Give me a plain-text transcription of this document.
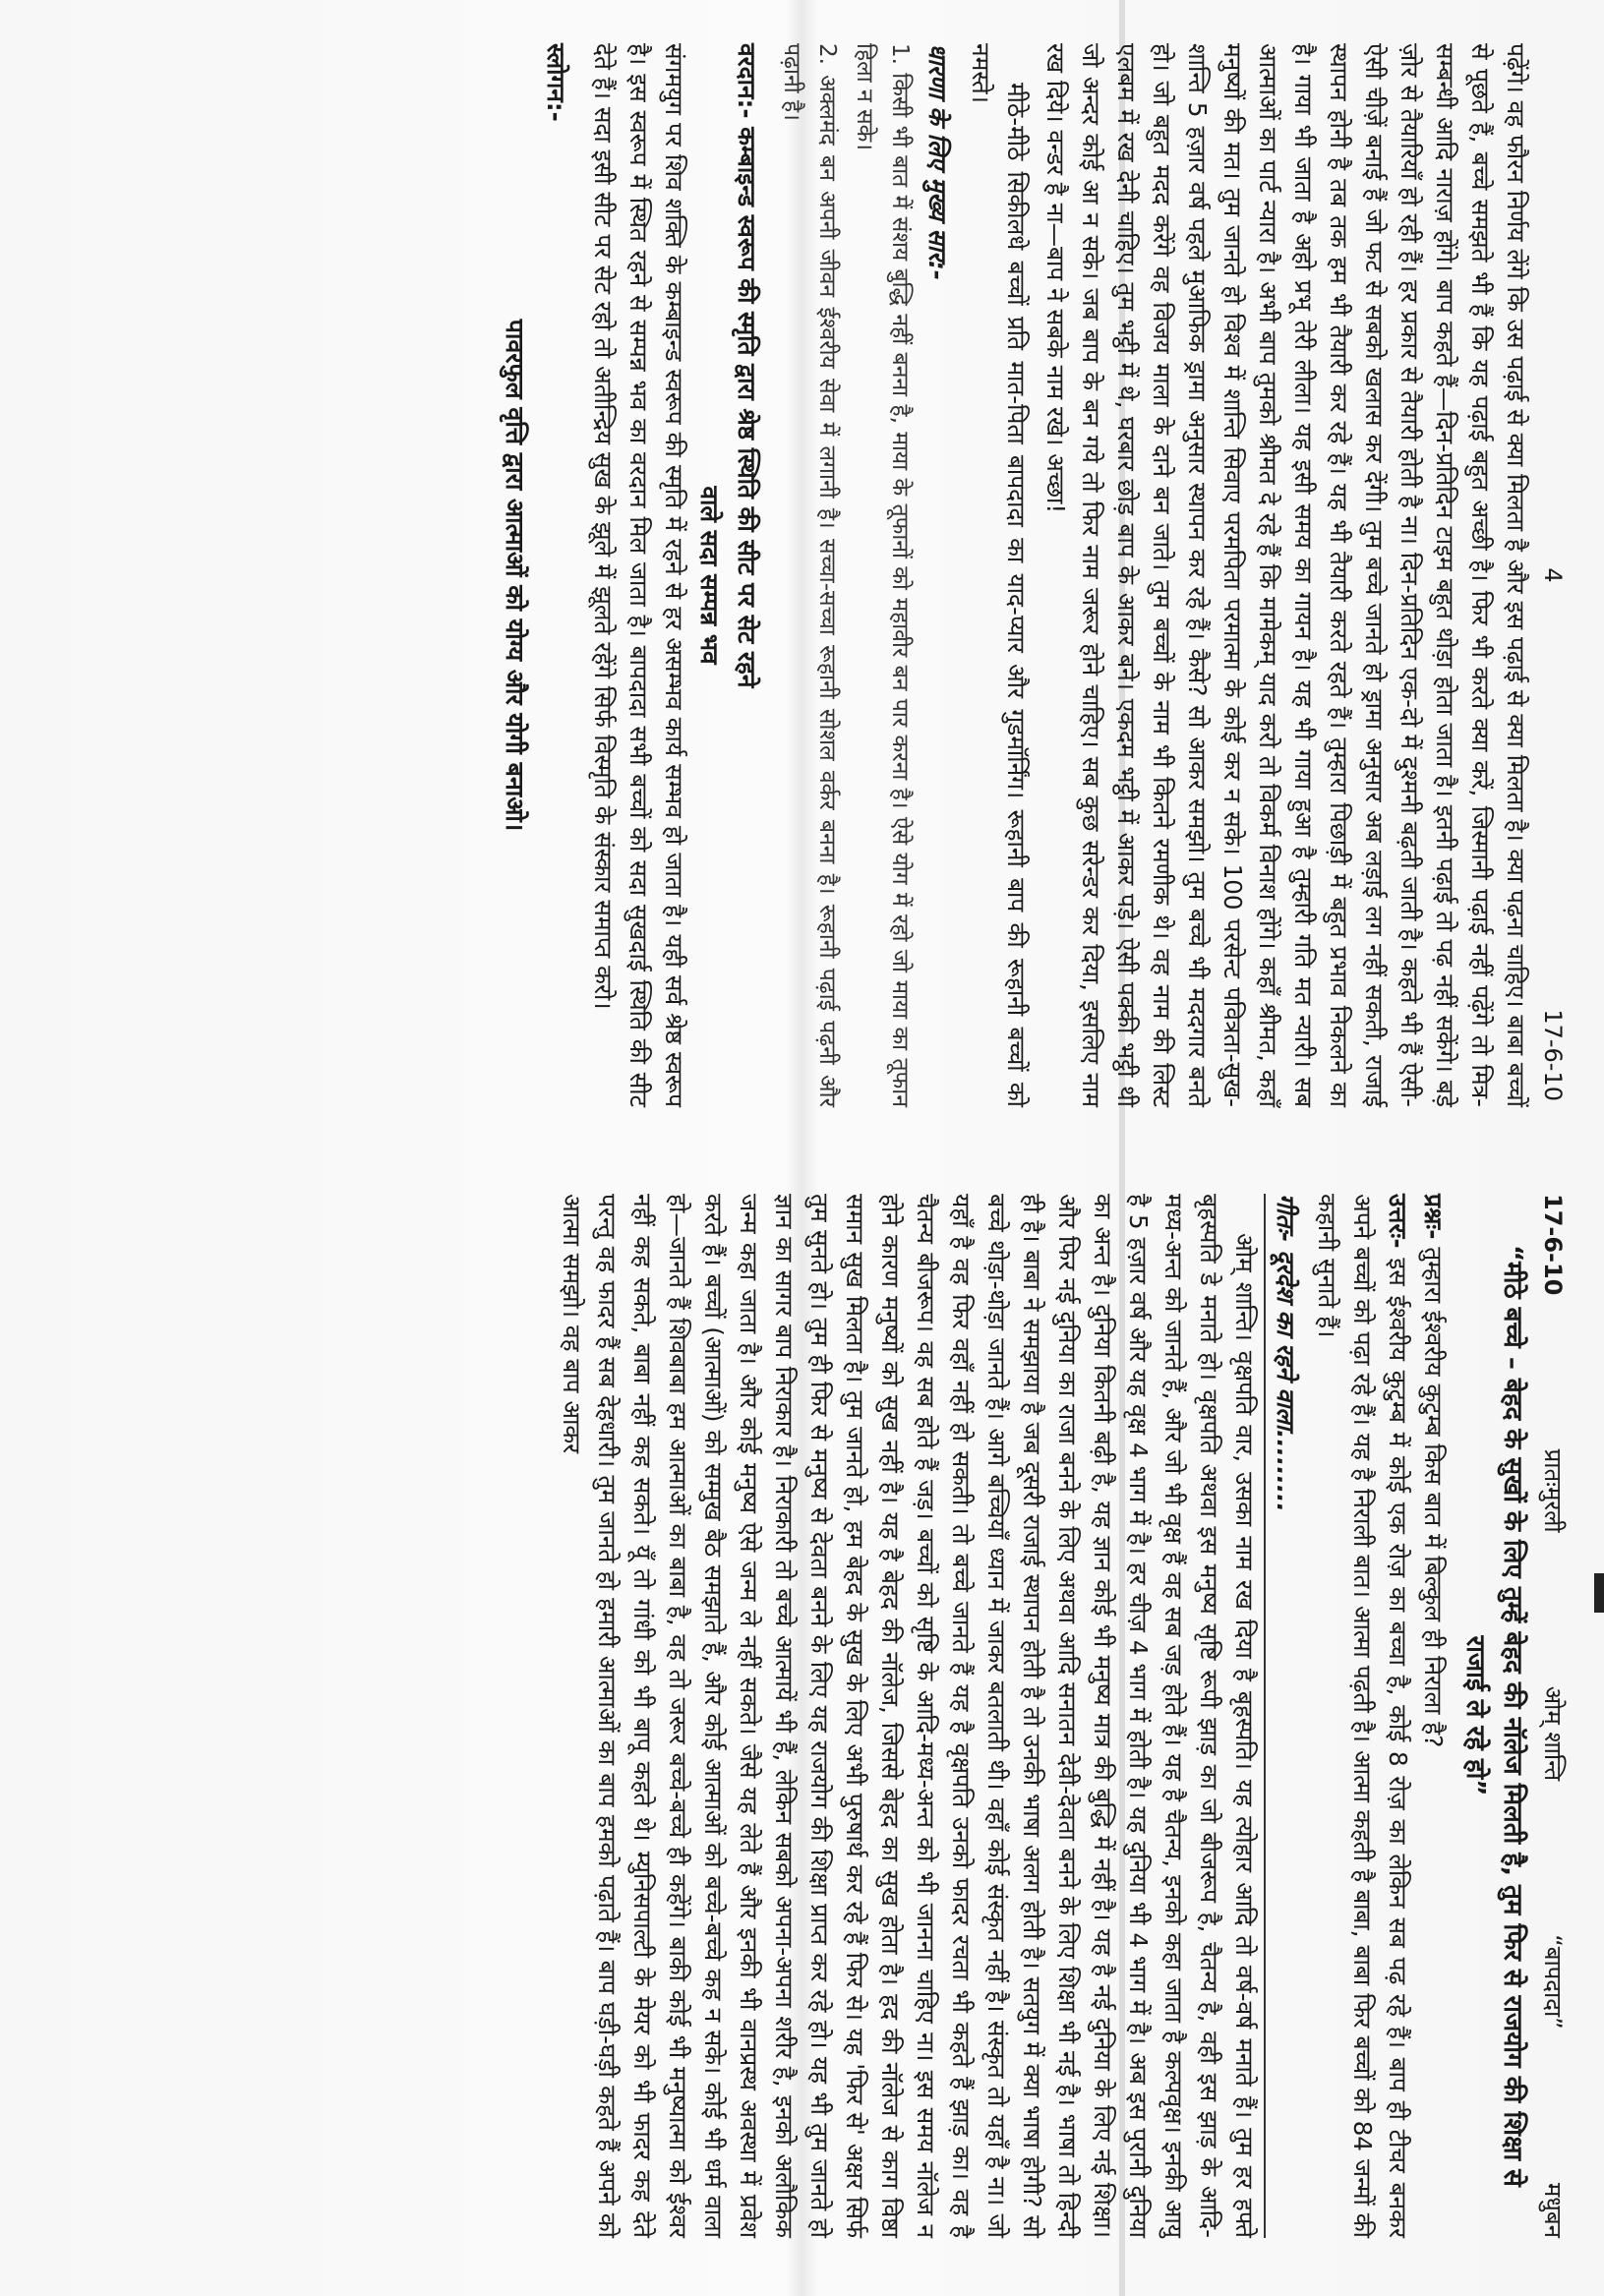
4
17-6-10

पढ़ेंगे। वह फौरन निर्णय लेंगे कि उस पढ़ाई से क्या मिलता है और इस पढ़ाई से क्या मिलता है। क्या पढ़ना चाहिए। बाबा बच्चों से पूछते हैं, बच्चे समझते भी हैं कि यह पढ़ाई बहुत अच्छी है। फिर भी करते क्या करें, जिस्मानी पढ़ाई नहीं पढ़ेंगे तो मित्र-सम्बन्धी आदि नाराज़ होंगे। बाप कहते हैं—दिन-प्रतिदिन टाइम बहुत थोड़ा होता जाता है। इतनी पढ़ाई तो पढ़ नहीं सकेंगे। बड़े ज़ोर से तैयारियाँ हो रही हैं। हर प्रकार से तैयारी होती है ना। दिन-प्रतिदिन एक-दो में दुश्मनी बढ़ती जाती है। कहते भी हैं ऐसी-ऐसी चीज़ें बनाई हैं जो फट से सबको खलास कर देंगी। तुम बच्चे जानते हो ड्रामा अनुसार अब लड़ाई लग नहीं सकती, राजाई स्थापन होनी है तब तक हम भी तैयारी कर रहे हैं। यह भी तैयारी करते रहते हैं। तुम्हारा पिछाड़ी में बहुत प्रभाव निकलने का है। गाया भी जाता है अहो प्रभू तेरी लीला। यह इसी समय का गायन है। यह भी गाया हुआ है तुम्हारी गति मत न्यारी। सब आत्माओं का पार्ट न्यारा है। अभी बाप तुमको श्रीमत दे रहे हैं कि मामेकम् याद करो तो विकर्म विनाश होंगे। कहाँ श्रीमत, कहाँ मनुष्यों की मत। तुम जानते हो विश्व में शान्ति सिवाए परमपिता परमात्मा के कोई कर न सके। 100 परसेन्ट पवित्रता-सुख-शान्ति 5 हज़ार वर्ष पहले मुआफिक ड्रामा अनुसार स्थापन कर रहे हैं। कैसे? सो आकर समझो। तुम बच्चे भी मददगार बनते हो। जो बहुत मदद करेंगे वह विजय माला के दाने बन जाते। तुम बच्चों के नाम भी कितने रमणीक थे। वह नाम की लिस्ट एलबम में रख देनी चाहिए। तुम भट्ठी में थे, घरबार छोड़ बाप के आकर बने। एकदम भट्ठी में आकर पड़े। ऐसी पक्की भट्ठी थी जो अन्दर कोई आ न सके। जब बाप के बन गये तो फिर नाम जरूर होने चाहिए। सब कुछ सरेन्डर कर दिया, इसलिए नाम रख दिये। वन्डर है ना—बाप ने सबके नाम रखे। अच्छा!

मीठे-मीठे सिकीलधे बच्चों प्रति मात-पिता बापदादा का याद-प्यार और गुडमॉर्निंग। रूहानी बाप की रूहानी बच्चों को नमस्ते।

धारणा के लिए मुख्य सार:-

1. किसी भी बात में संशय बुद्धि नहीं बनना है, माया के तूफानों को महावीर बन पार करना है। ऐसे योग में रहो जो माया का तूफान हिला न सके।

2. अक्लमंद बन अपनी जीवन ईश्वरीय सेवा में लगानी है। सच्चा-सच्चा रूहानी सोशल वर्कर बनना है। रूहानी पढ़ाई पढ़नी और पढ़ानी है।

वरदान:- कम्बाइन्ड स्वरूप की स्मृति द्वारा श्रेष्ठ स्थिति की सीट पर सेट रहने
वाले सदा सम्पन्न भव

संगमयुग पर शिव शक्ति के कम्बाइन्ड स्वरूप की स्मृति में रहने से हर असम्भव कार्य सम्भव हो जाता है। यही सर्व श्रेष्ठ स्वरूप है। इस स्वरूप में स्थित रहने से सम्पन्न भव का वरदान मिल जाता है। बापदादा सभी बच्चों को सदा सुखदाई स्थिति की सीट देते हैं। सदा इसी सीट पर सेट रहो तो अतीन्द्रिय सुख के झूले में झूलते रहेंगे सिर्फ विस्मृति के संस्कार समाप्त करो।

स्लोगन:-
पावरफुल वृत्ति द्वारा आत्माओं को योग्य और योगी बनाओ।
17-6-10
प्रातःमुरली
ओम् शान्ति
“बापदादा”
मधुबन
“मीठे बच्चे – बेहद के सुखों के लिए तुम्हें बेहद की नॉलेज मिलती है, तुम फिर से राजयोग की शिक्षा से राजाई ले रहे हो”

प्रश्नः- तुम्हारा ईश्वरीय कुटुम्ब किस बात में बिल्कुल ही निराला है?

उत्तरः- इस ईश्वरीय कुटुम्ब में कोई एक रोज़ का बच्चा है, कोई 8 रोज़ का लेकिन सब पढ़ रहे हैं। बाप ही टीचर बनकर अपने बच्चों को पढ़ा रहे हैं। यह है निराली बात। आत्मा पढ़ती है। आत्मा कहती है बाबा, बाबा फिर बच्चों को 84 जन्मों की कहानी सुनाते हैं।

गीतः- दूरदेश का रहने वाला.........

ओम् शान्ति। वृक्षपति वार, उसका नाम रख दिया है बृहस्पति। यह त्योहार आदि तो वर्ष-वर्ष मनाते हैं। तुम हर हफ्ते बृहस्पति डे मनाते हो। वृक्षपति अथवा इस मनुष्य सृष्टि रूपी झाड़ का जो बीजरूप है, चैतन्य है, वही इस झाड़ के आदि-मध्य-अन्त को जानते हैं, और जो भी वृक्ष हैं वह सब जड़ होते हैं। यह है चैतन्य, इनको कहा जाता है कल्पवृक्ष। इनकी आयु है 5 हज़ार वर्ष और यह वृक्ष 4 भाग में है। हर चीज़ 4 भाग में होती है। यह दुनिया भी 4 भाग में है। अब इस पुरानी दुनिया का अन्त है। दुनिया कितनी बढ़ी है, यह ज्ञान कोई भी मनुष्य मात्र की बुद्धि में नहीं है। यह है नई दुनिया के लिए नई शिक्षा। और फिर नई दुनिया का राजा बनने के लिए अथवा आदि सनातन देवी-देवता बनने के लिए शिक्षा भी नई है। भाषा तो हिन्दी ही है। बाबा ने समझाया है जब दूसरी राजाई स्थापन होती है तो उनकी भाषा अलग होती है। सतयुग में क्या भाषा होगी? सो बच्चे थोड़ा-थोड़ा जानते हैं। आगे बच्चियाँ ध्यान में जाकर बतलाती थी। वहाँ कोई संस्कृत नहीं है। संस्कृत तो यहाँ है ना। जो यहाँ है वह फिर वहाँ नहीं हो सकती। तो बच्चे जानते हैं यह है वृक्षपति उनको फादर रचता भी कहते हैं झाड़ का। वह है चैतन्य बीजरूप। वह सब होते हैं जड़। बच्चों को सृष्टि के आदि-मध्य-अन्त को भी जानना चाहिए ना। इस समय नॉलेज न होने कारण मनुष्यों को सुख नहीं है। यह है बेहद की नॉलेज, जिससे बेहद का सुख होता है। हद की नॉलेज से काग विष्ठा समान सुख मिलता है। तुम जानते हो, हम बेहद के सुख के लिए अभी पुरुषार्थ कर रहे हैं फिर से। यह 'फिर से' अक्षर सिर्फ तुम सुनते हो। तुम ही फिर से मनुष्य से देवता बनने के लिए यह राजयोग की शिक्षा प्राप्त कर रहे हो। यह भी तुम जानते हो ज्ञान का सागर बाप निराकार है। निराकारी तो बच्चे आत्मायें भी हैं, लेकिन सबको अपना-अपना शरीर है, इनको अलौकिक जन्म कहा जाता है। और कोई मनुष्य ऐसे जन्म ले नहीं सकते। जैसे यह लेते हैं और इनकी भी वानप्रस्थ अवस्था में प्रवेश करते हैं। बच्चों (आत्माओं) को सम्मुख बैठ समझाते हैं, और कोई आत्माओं को बच्चे-बच्चे कह न सके। कोई भी धर्म वाला हो—जानते हैं शिवबाबा हम आत्माओं का बाबा है, वह तो जरूर बच्चे-बच्चे ही कहेंगे। बाकी कोई भी मनुष्यात्मा को ईश्वर नहीं कह सकते, बाबा नहीं कह सकते। यूँ तो गांधी को भी बापू कहते थे। म्युनिसपाल्टी के मेयर को भी फादर कह देते परन्तु वह फादर हैं सब देहधारी। तुम जानते हो हमारी आत्माओं का बाप हमको पढ़ाते हैं। बाप घड़ी-घड़ी कहते हैं अपने को आत्मा समझो। वह बाप आकर
